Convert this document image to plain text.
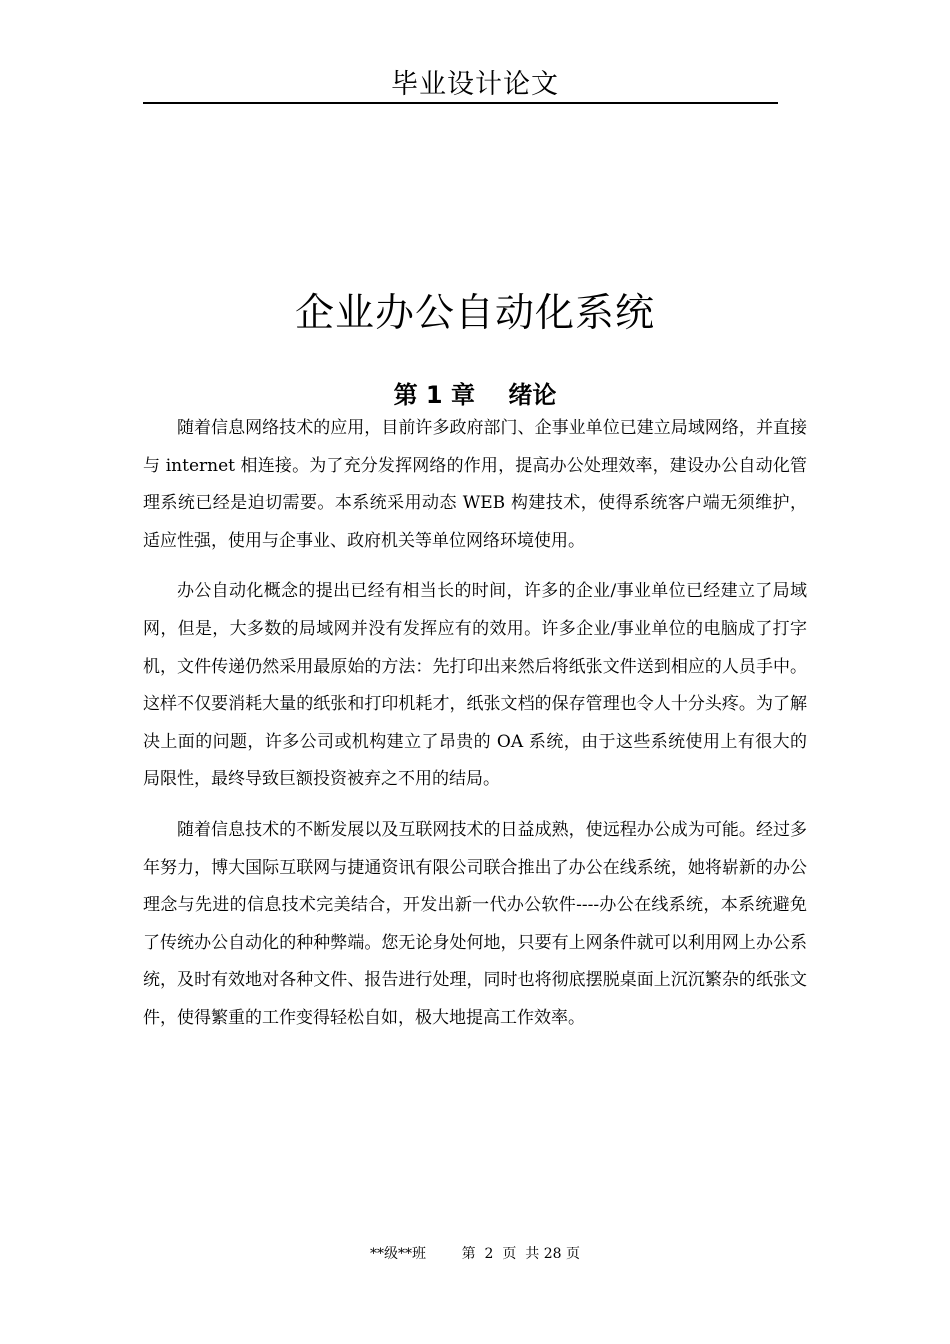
毕业设计论文
企业办公自动化系统
第 1 章    绪论

随着信息网络技术的应用，目前许多政府部门、企事业单位已建立局域网络，并直接与 internet 相连接。为了充分发挥网络的作用，提高办公处理效率，建设办公自动化管理系统已经是迫切需要。本系统采用动态 WEB 构建技术，使得系统客户端无须维护，适应性强，使用与企事业、政府机关等单位网络环境使用。

办公自动化概念的提出已经有相当长的时间，许多的企业/事业单位已经建立了局域网，但是，大多数的局域网并没有发挥应有的效用。许多企业/事业单位的电脑成了打字机，文件传递仍然采用最原始的方法：先打印出来然后将纸张文件送到相应的人员手中。这样不仅要消耗大量的纸张和打印机耗才，纸张文档的保存管理也令人十分头疼。为了解决上面的问题，许多公司或机构建立了昂贵的 OA 系统，由于这些系统使用上有很大的局限性，最终导致巨额投资被弃之不用的结局。

随着信息技术的不断发展以及互联网技术的日益成熟，使远程办公成为可能。经过多年努力，博大国际互联网与捷通资讯有限公司联合推出了办公在线系统，她将崭新的办公理念与先进的信息技术完美结合，开发出新一代办公软件----办公在线系统，本系统避免了传统办公自动化的种种弊端。您无论身处何地，只要有上网条件就可以利用网上办公系统，及时有效地对各种文件、报告进行处理，同时也将彻底摆脱桌面上沉沉繁杂的纸张文件，使得繁重的工作变得轻松自如，极大地提高工作效率。

**级**班	第  2  页  共 28 页
